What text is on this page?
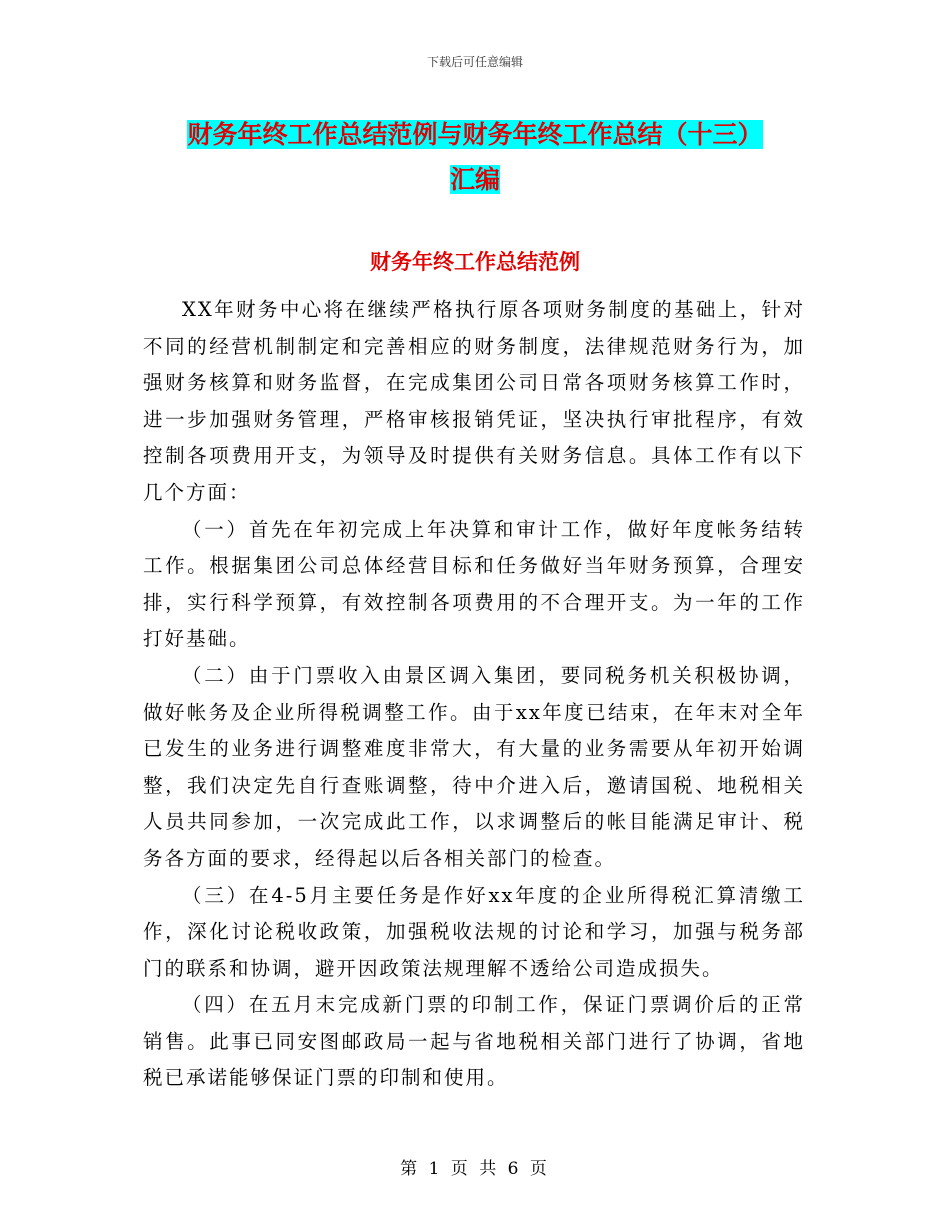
下载后可任意编辑
财务年终工作总结范例与财务年终工作总结（十三）
汇编
财务年终工作总结范例

XX年财务中心将在继续严格执行原各项财务制度的基础上，针对不同的经营机制制定和完善相应的财务制度，法律规范财务行为，加强财务核算和财务监督，在完成集团公司日常各项财务核算工作时，进一步加强财务管理，严格审核报销凭证，坚决执行审批程序，有效控制各项费用开支，为领导及时提供有关财务信息。具体工作有以下几个方面：

（一）首先在年初完成上年决算和审计工作，做好年度帐务结转工作。根据集团公司总体经营目标和任务做好当年财务预算，合理安排，实行科学预算，有效控制各项费用的不合理开支。为一年的工作打好基础。

（二）由于门票收入由景区调入集团，要同税务机关积极协调，做好帐务及企业所得税调整工作。由于xx年度已结束，在年末对全年已发生的业务进行调整难度非常大，有大量的业务需要从年初开始调整，我们决定先自行查账调整，待中介进入后，邀请国税、地税相关人员共同参加，一次完成此工作，以求调整后的帐目能满足审计、税务各方面的要求，经得起以后各相关部门的检查。

（三）在4-5月主要任务是作好xx年度的企业所得税汇算清缴工作，深化讨论税收政策，加强税收法规的讨论和学习，加强与税务部门的联系和协调，避开因政策法规理解不透给公司造成损失。

（四）在五月末完成新门票的印制工作，保证门票调价后的正常销售。此事已同安图邮政局一起与省地税相关部门进行了协调，省地税已承诺能够保证门票的印制和使用。

第 1 页 共 6 页
